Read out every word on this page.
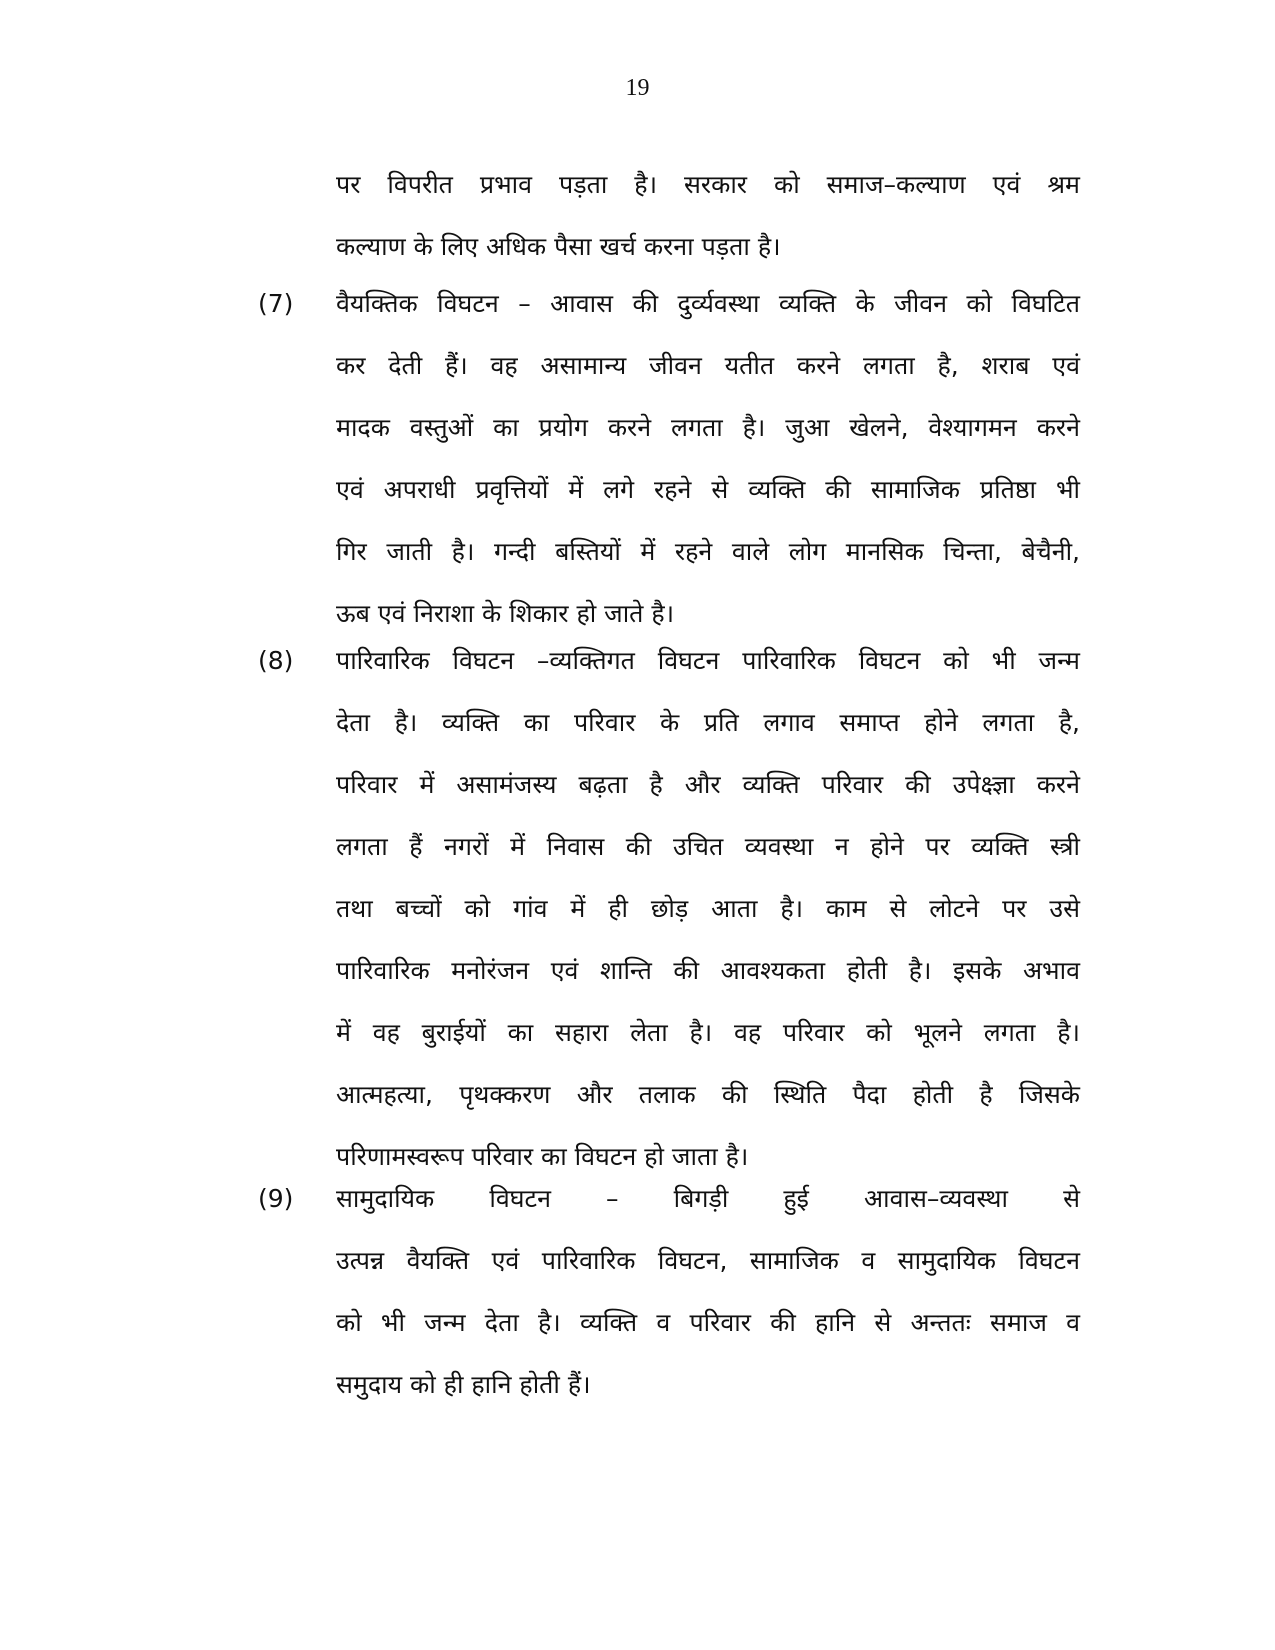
19
पर विपरीत प्रभाव पड़ता है। सरकार को समाज–कल्याण एवं श्रम
कल्याण के लिए अधिक पैसा खर्च करना पड़ता है।
(7) वैयक्तिक विघटन – आवास की दुर्व्यवस्था व्यक्ति के जीवन को विघटित
कर देती हैं। वह असामान्य जीवन यतीत करने लगता है, शराब एवं
मादक वस्तुओं का प्रयोग करने लगता है। जुआ खेलने, वेश्यागमन करने
एवं अपराधी प्रवृत्तियों में लगे रहने से व्यक्ति की सामाजिक प्रतिष्ठा भी
गिर जाती है। गन्दी बस्तियों में रहने वाले लोग मानसिक चिन्ता, बेचैनी,
ऊब एवं निराशा के शिकार हो जाते है।
(8) पारिवारिक विघटन –व्यक्तिगत विघटन पारिवारिक विघटन को भी जन्म
देता है। व्यक्ति का परिवार के प्रति लगाव समाप्त होने लगता है,
परिवार में असामंजस्य बढ़ता है और व्यक्ति परिवार की उपेक्ष्ज्ञा करने
लगता हैं नगरों में निवास की उचित व्यवस्था न होने पर व्यक्ति स्त्री
तथा बच्चों को गांव में ही छोड़ आता है। काम से लोटने पर उसे
पारिवारिक मनोरंजन एवं शान्ति की आवश्यकता होती है। इसके अभाव
में वह बुराईयों का सहारा लेता है। वह परिवार को भूलने लगता है।
आत्महत्या, पृथक्करण और तलाक की स्थिति पैदा होती है जिसके
परिणामस्वरूप परिवार का विघटन हो जाता है।
(9) सामुदायिक विघटन – बिगड़ी हुई आवास–व्यवस्था से
उत्पन्न वैयक्ति एवं पारिवारिक विघटन, सामाजिक व सामुदायिक विघटन
को भी जन्म देता है। व्यक्ति व परिवार की हानि से अन्ततः समाज व
समुदाय को ही हानि होती हैं।
